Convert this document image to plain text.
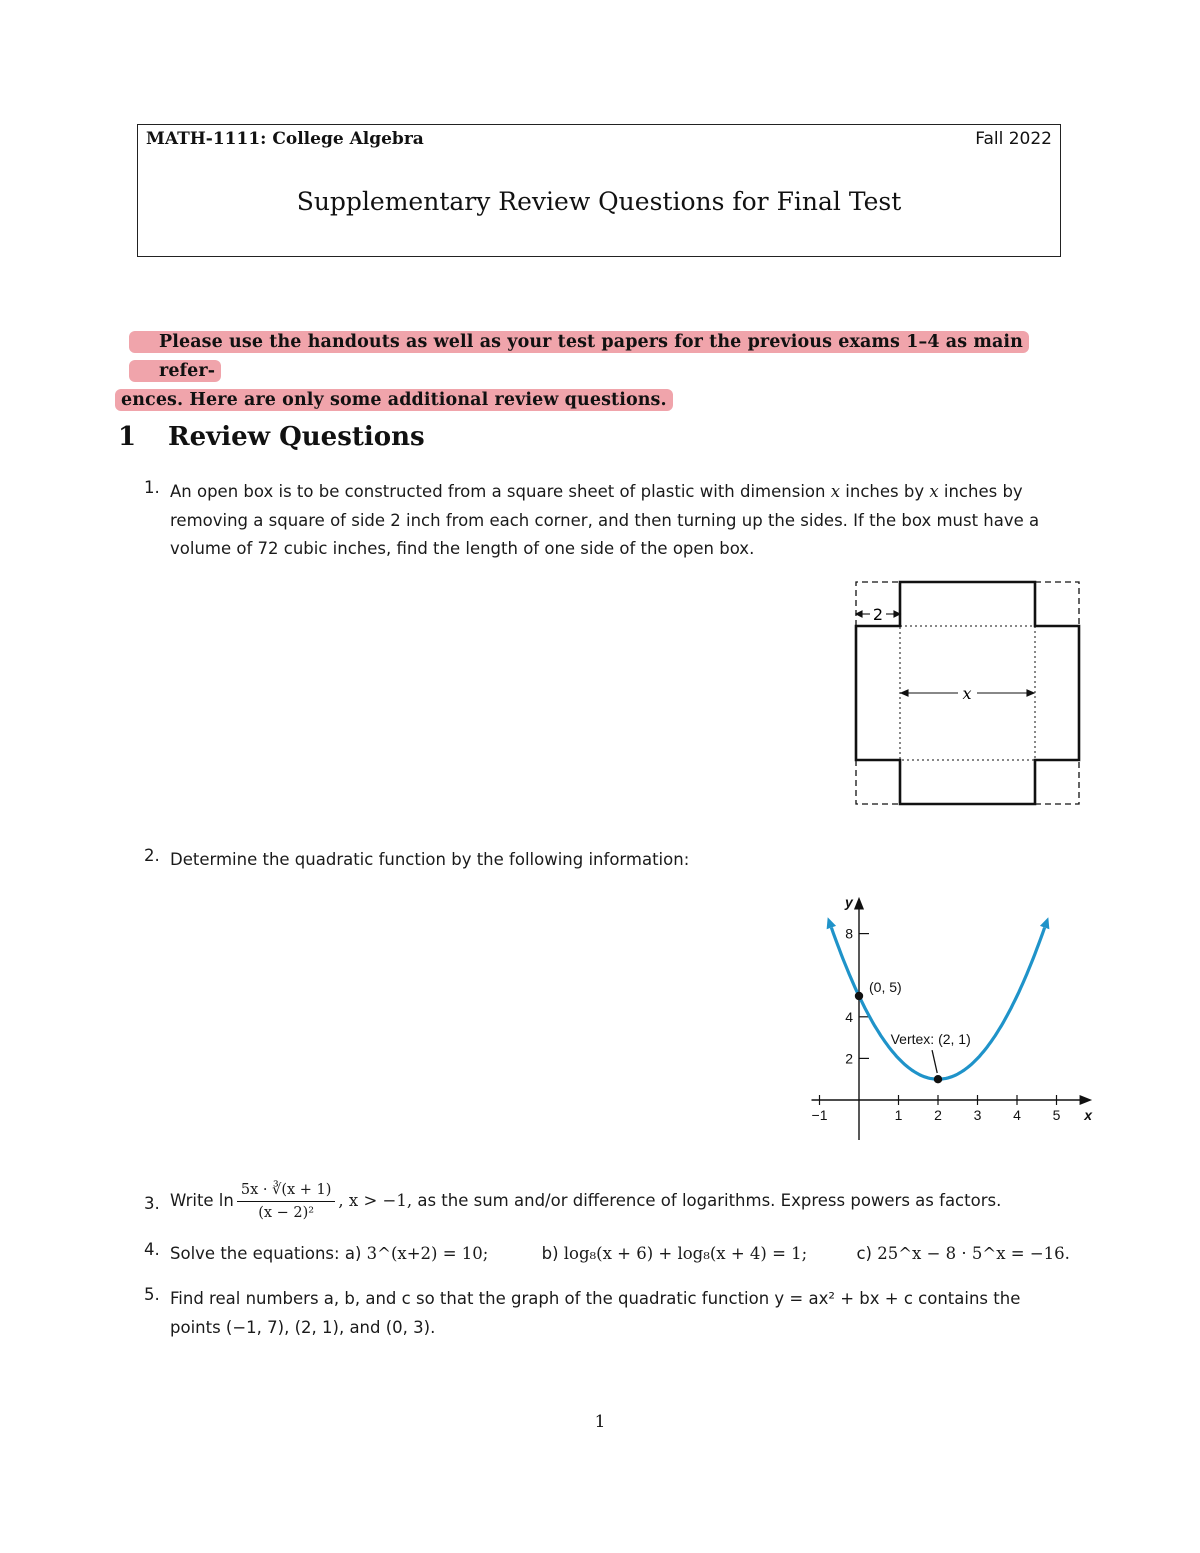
MATH-1111: College Algebra	Fall 2022
Supplementary Review Questions for Final Test
Please use the handouts as well as your test papers for the previous exams 1–4 as main refer-
ences. Here are only some additional review questions.
1 Review Questions
1. An open box is to be constructed from a square sheet of plastic with dimension x inches by x inches by removing a square of side 2 inch from each corner, and then turning up the sides. If the box must have a volume of 72 cubic inches, find the length of one side of the open box.
2
x
2. Determine the quadratic function by the following information:
−1	1 2 3 4 5
2
4
8
y
x
(0, 5)
Vertex: (2, 1)
3. Write $\ln \frac{5x \cdot ∛(x + 1)}{\text{(x − 2)²}}$ , x > −1, as the sum and/or difference of logarithms. Express powers as factors.
4. Solve the equations: a) 3^(x+2) = 10;	b) log₈(x + 6) + log₈(x + 4) = 1;	c) 25^x − 8 · 5^x = −16.
5. Find real numbers a, b, and c so that the graph of the quadratic function y = ax² + bx + c contains the
points (−1, 7), (2, 1), and (0, 3).
1
